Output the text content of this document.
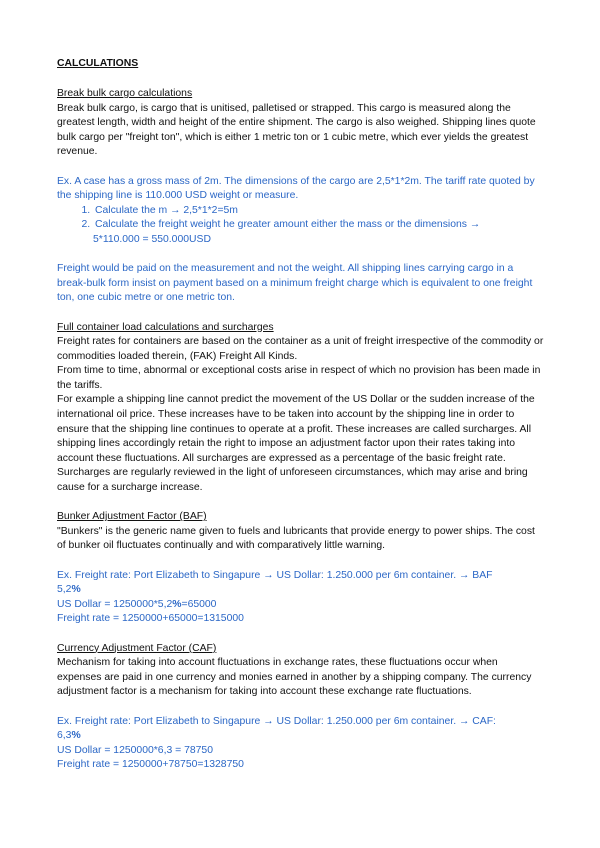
CALCULATIONS

Break bulk cargo calculations

Break bulk cargo, is cargo that is unitised, palletised or strapped. This cargo is measured along the greatest length, width and height of the entire shipment. The cargo is also weighed. Shipping lines quote bulk cargo per "freight ton", which is either 1 metric ton or 1 cubic metre, which ever yields the greatest revenue.

Ex. A case has a gross mass of 2m. The dimensions of the cargo are 2,5*1*2m. The tariff rate quoted by the shipping line is 110.000 USD weight or measure.

1. Calculate the m → 2,5*1*2=5m
2. Calculate the freight weight he greater amount either the mass or the dimensions →

5*110.000 = 550.000USD

Freight would be paid on the measurement and not the weight. All shipping lines carrying cargo in a break-bulk form insist on payment based on a minimum freight charge which is equivalent to one freight ton, one cubic metre or one metric ton.

Full container load calculations and surcharges

Freight rates for containers are based on the container as a unit of freight irrespective of the commodity or commodities loaded therein, (FAK) Freight All Kinds.

From time to time, abnormal or exceptional costs arise in respect of which no provision has been made in the tariffs.

For example a shipping line cannot predict the movement of the US Dollar or the sudden increase of the international oil price. These increases have to be taken into account by the shipping line in order to ensure that the shipping line continues to operate at a profit. These increases are called surcharges. All shipping lines accordingly retain the right to impose an adjustment factor upon their rates taking into account these fluctuations. All surcharges are expressed as a percentage of the basic freight rate. Surcharges are regularly reviewed in the light of unforeseen circumstances, which may arise and bring cause for a surcharge increase.

Bunker Adjustment Factor (BAF)

"Bunkers" is the generic name given to fuels and lubricants that provide energy to power ships. The cost of bunker oil fluctuates continually and with comparatively little warning.

Ex. Freight rate: Port Elizabeth to Singapure → US Dollar: 1.250.000 per 6m container. → BAF
5,2%

US Dollar = 1250000*5,2%=65000

Freight rate = 1250000+65000=1315000

Currency Adjustment Factor (CAF)

Mechanism for taking into account fluctuations in exchange rates, these fluctuations occur when expenses are paid in one currency and monies earned in another by a shipping company. The currency adjustment factor is a mechanism for taking into account these exchange rate fluctuations.

Ex. Freight rate: Port Elizabeth to Singapure → US Dollar: 1.250.000 per 6m container. → CAF:
6,3%

US Dollar = 1250000*6,3 = 78750

Freight rate = 1250000+78750=1328750
